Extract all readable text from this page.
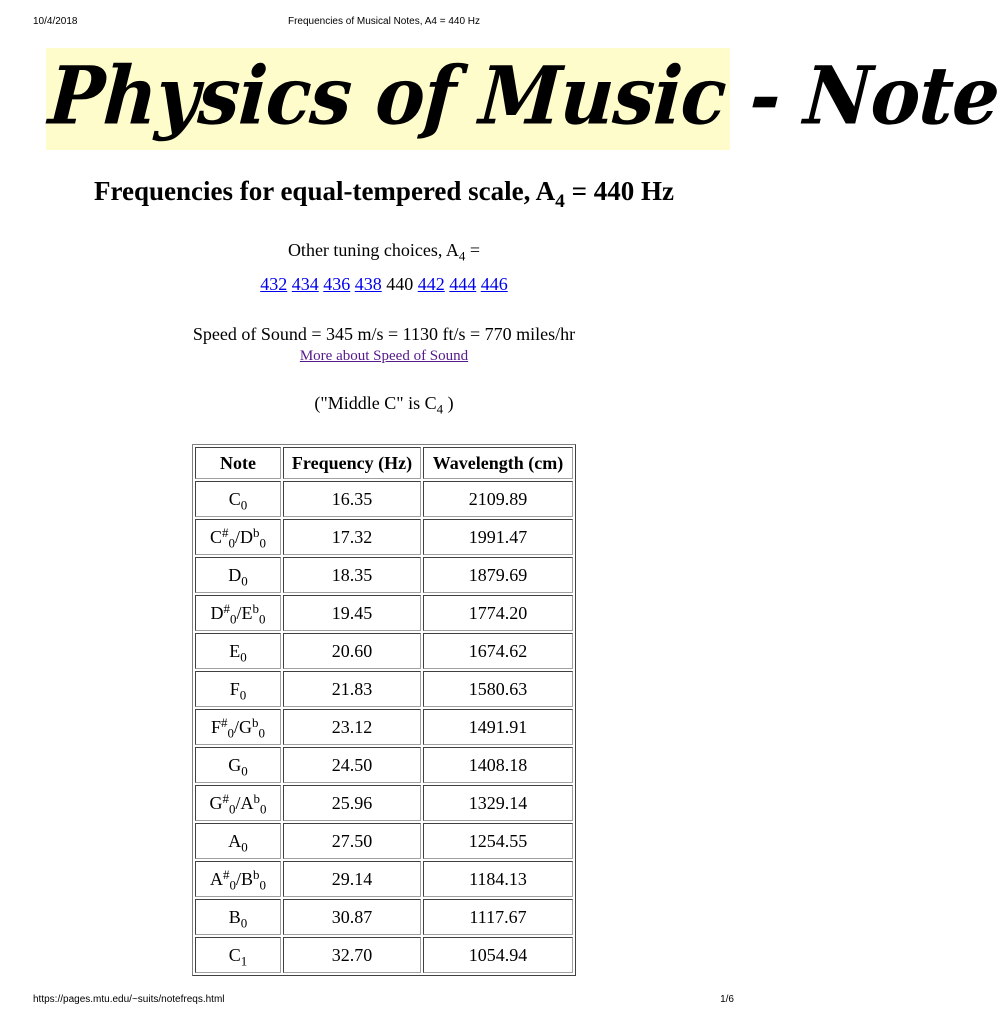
10/4/2018	Frequencies of Musical Notes, A4 = 440 Hz
Physics of Music - Note
Frequencies for equal-tempered scale, $A_4 = 440$ Hz
Other tuning choices, $A_4$ =
432 434 436 438 440 442 444 446
Speed of Sound = 345 m/s = 1130 ft/s = 770 miles/hr
More about Speed of Sound
("Middle C" is $C_4$ )
Note	Frequency (Hz)	Wavelength (cm)
$C_0$	16.35	2109.89
$C^{\#}_0/D^b_0$	17.32	1991.47
$D_0$	18.35	1879.69
$D^{\#}_0/E^b_0$	19.45	1774.20
$E_0$	20.60	1674.62
$F_0$	21.83	1580.63
$F^{\#}_0/G^b_0$	23.12	1491.91
$G_0$	24.50	1408.18
$G^{\#}_0/A^b_0$	25.96	1329.14
$A_0$	27.50	1254.55
$A^{\#}_0/B^b_0$	29.14	1184.13
$B_0$	30.87	1117.67
$C_1$	32.70	1054.94
https://pages.mtu.edu/~suits/notefreqs.html	1/6
